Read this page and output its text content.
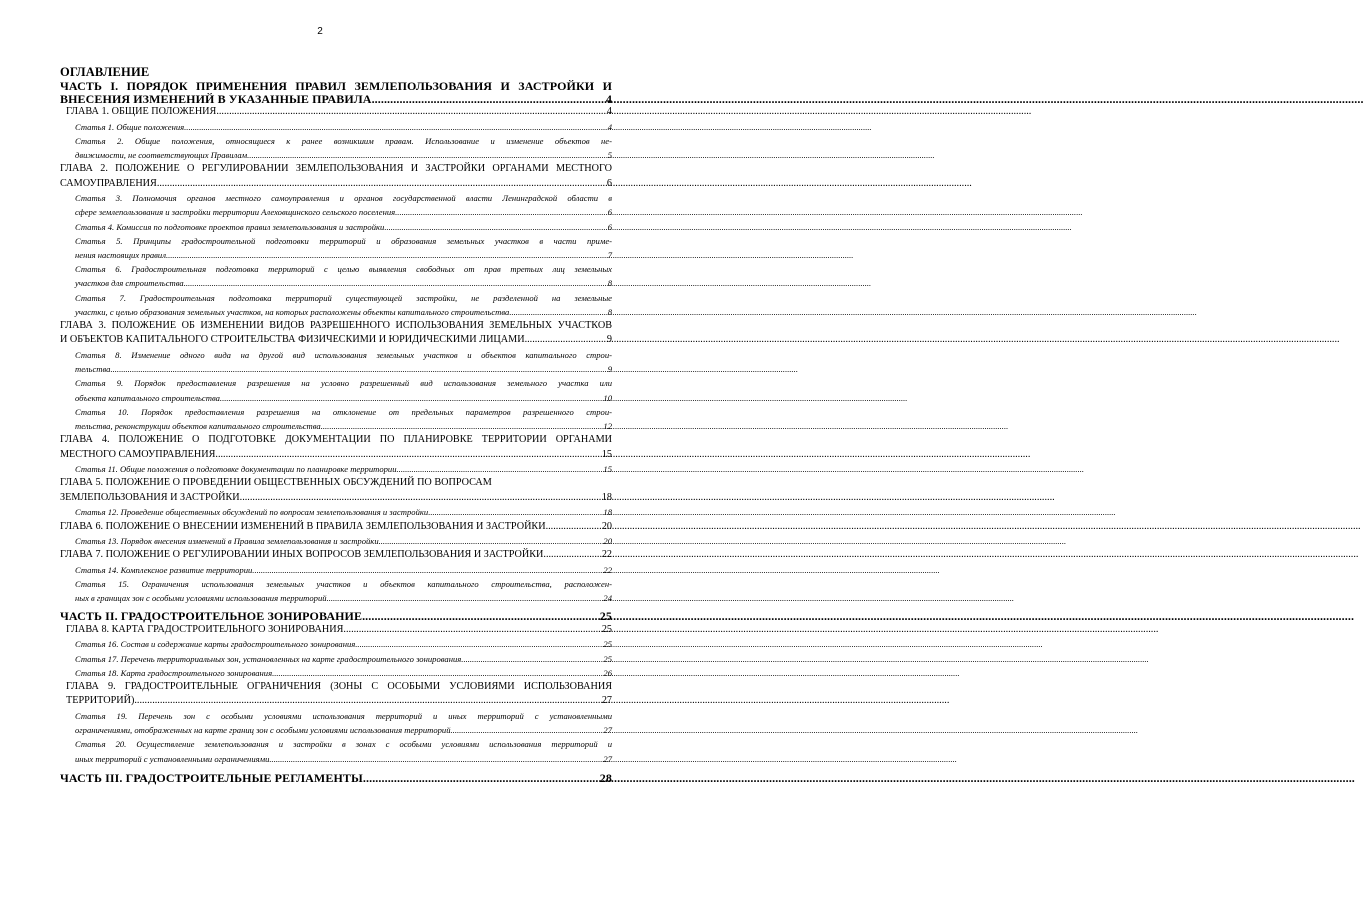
2
ОГЛАВЛЕНИЕ
ЧАСТЬ I. ПОРЯДОК ПРИМЕНЕНИЯ ПРАВИЛ ЗЕМЛЕПОЛЬЗОВАНИЯ И ЗАСТРОЙКИ И
ВНЕСЕНИЯ ИЗМЕНЕНИЙ В УКАЗАННЫЕ ПРАВИЛА .....	4
ГЛАВА 1. ОБЩИЕ ПОЛОЖЕНИЯ .....	4
Статья 1. Общие положения .....	4
Статья 2. Общие положения, относящиеся к ранее возникшим правам. Использование и изменение объектов не-
движимости, не соответствующих Правилам .....	5
ГЛАВА 2. ПОЛОЖЕНИЕ О РЕГУЛИРОВАНИИ ЗЕМЛЕПОЛЬЗОВАНИЯ И ЗАСТРОЙКИ ОРГАНАМИ МЕСТНОГО
САМОУПРАВЛЕНИЯ .....	6
Статья 3. Полномочия органов местного самоуправления и органов государственной власти Ленинградской области в
сфере землепользования и застройки территории Алеховщинского сельского поселения .....	6
Статья 4. Комиссия по подготовке проектов правил землепользования и застройки .....	6
Статья 5. Принципы градостроительной подготовки территорий и образования земельных участков в части приме-
нения настоящих правил .....	7
Статья 6. Градостроительная подготовка территорий с целью выявления свободных от прав третьих лиц земельных
участков для строительства .....	8
Статья 7. Градостроительная подготовка территорий существующей застройки, не разделенной на земельные
участки, с целью образования земельных участков, на которых расположены объекты капитального строительства .....	8
ГЛАВА 3. ПОЛОЖЕНИЕ ОБ ИЗМЕНЕНИИ ВИДОВ РАЗРЕШЕННОГО ИСПОЛЬЗОВАНИЯ ЗЕМЕЛЬНЫХ УЧАСТКОВ
И ОБЪЕКТОВ КАПИТАЛЬНОГО СТРОИТЕЛЬСТВА ФИЗИЧЕСКИМИ И ЮРИДИЧЕСКИМИ ЛИЦАМИ .....	9
Статья 8. Изменение одного вида на другой вид использования земельных участков и объектов капитального строи-
тельства .....	9
Статья 9. Порядок предоставления разрешения на условно разрешенный вид использования земельного участка или
объекта капитального строительства .....	10
Статья 10. Порядок предоставления разрешения на отклонение от предельных параметров разрешенного строи-
тельства, реконструкции объектов капитального строительства .....	12
ГЛАВА 4. ПОЛОЖЕНИЕ О ПОДГОТОВКЕ ДОКУМЕНТАЦИИ ПО ПЛАНИРОВКЕ ТЕРРИТОРИИ ОРГАНАМИ
МЕСТНОГО САМОУПРАВЛЕНИЯ .....	15
Статья 11. Общие положения о подготовке документации по планировке территории .....	15
ГЛАВА 5. ПОЛОЖЕНИЕ О ПРОВЕДЕНИИ ОБЩЕСТВЕННЫХ ОБСУЖДЕНИЙ ПО ВОПРОСАМ
ЗЕМЛЕПОЛЬЗОВАНИЯ И ЗАСТРОЙКИ .....	18
Статья 12. Проведение общественных обсуждений по вопросам землепользования и застройки .....	18
ГЛАВА 6. ПОЛОЖЕНИЕ О ВНЕСЕНИИ ИЗМЕНЕНИЙ В ПРАВИЛА ЗЕМЛЕПОЛЬЗОВАНИЯ И ЗАСТРОЙКИ .....	20
Статья 13. Порядок внесения изменений в Правила землепользования и застройки .....	20
ГЛАВА 7. ПОЛОЖЕНИЕ О РЕГУЛИРОВАНИИ ИНЫХ ВОПРОСОВ ЗЕМЛЕПОЛЬЗОВАНИЯ И ЗАСТРОЙКИ .....	22
Статья 14. Комплексное развитие территории .....	22
Статья 15. Ограничения использования земельных участков и объектов капитального строительства, расположен-
ных в границах зон с особыми условиями использования территорий .....	24
ЧАСТЬ II. ГРАДОСТРОИТЕЛЬНОЕ ЗОНИРОВАНИЕ .....	25
ГЛАВА 8. КАРТА ГРАДОСТРОИТЕЛЬНОГО ЗОНИРОВАНИЯ .....	25
Статья 16. Состав и содержание карты градостроительного зонирования .....	25
Статья 17. Перечень территориальных зон, установленных на карте градостроительного зонирования .....	25
Статья 18. Карта градостроительного зонирования .....	26
ГЛАВА 9. ГРАДОСТРОИТЕЛЬНЫЕ ОГРАНИЧЕНИЯ (ЗОНЫ С ОСОБЫМИ УСЛОВИЯМИ ИСПОЛЬЗОВАНИЯ
ТЕРРИТОРИЙ) .....	27
Статья 19. Перечень зон с особыми условиями использования территорий и иных территорий с установленными
ограничениями, отображенных на карте границ зон с особыми условиями использования территорий .....	27
Статья 20. Осуществление землепользования и застройки в зонах с особыми условиями использования территорий и
иных территорий с установленными ограничениями .....	27
ЧАСТЬ III. ГРАДОСТРОИТЕЛЬНЫЕ РЕГЛАМЕНТЫ .....	28
